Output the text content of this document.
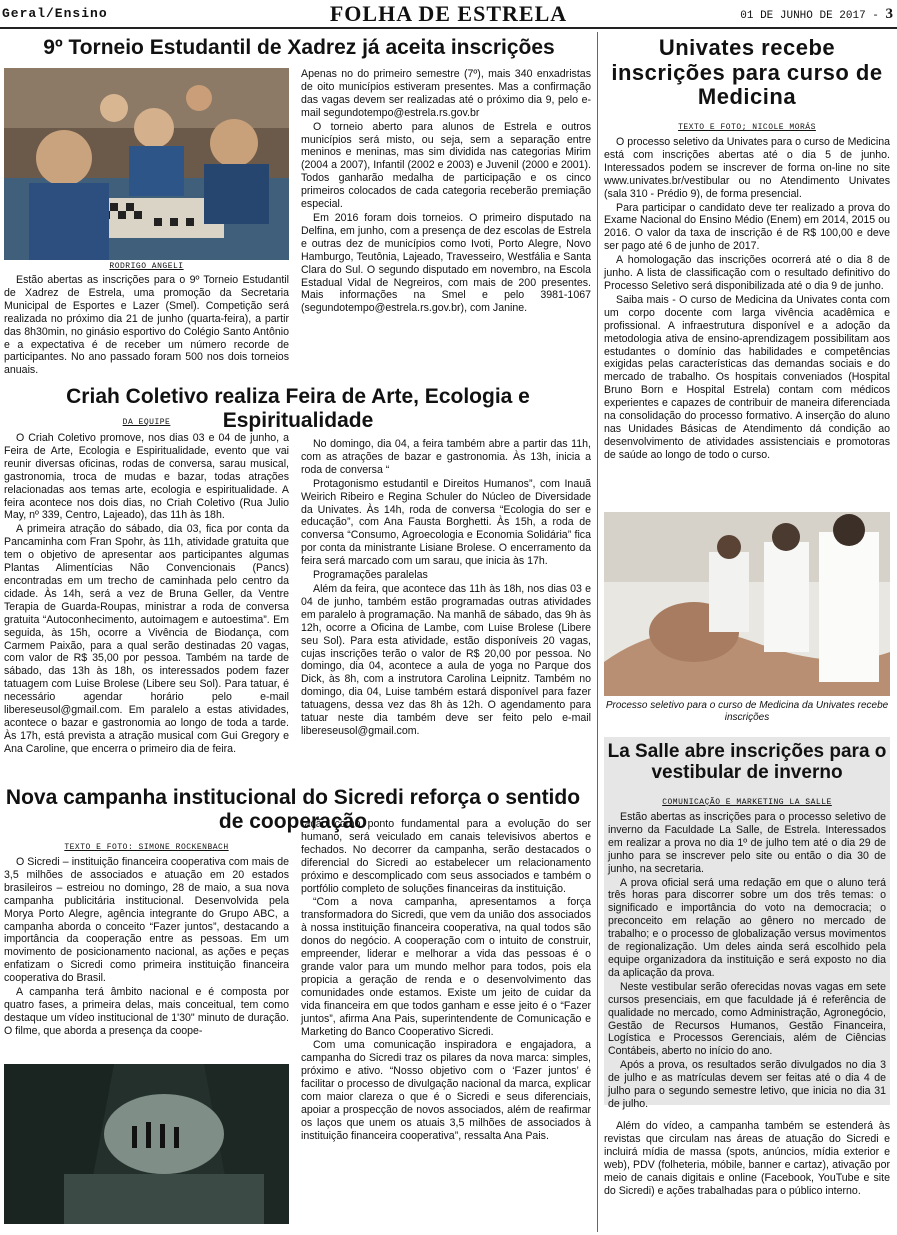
Geral/Ensino	FOLHA DE ESTRELA	01 DE JUNHO DE 2017 - 3
9º Torneio Estudantil de Xadrez já aceita inscrições
RODRIGO ANGELI

Estão abertas as inscrições para o 9º Torneio Estudantil de Xadrez de Estrela, uma promoção da Secretaria Municipal de Esportes e Lazer (Smel). Competição será realizada no próximo dia 21 de junho (quarta-feira), a partir das 8h30min, no ginásio esportivo do Colégio Santo Antônio e a expectativa é de receber um número recorde de participantes. No ano passado foram 500 nos dois torneios anuais.

Apenas no do primeiro semestre (7º), mais 340 enxadristas de oito municípios estiveram presentes. Mas a confirmação das vagas devem ser realizadas até o próximo dia 9, pelo e-mail segundotempo@estrela.rs.gov.br

O torneio aberto para alunos de Estrela e outros municípios será misto, ou seja, sem a separação entre meninos e meninas, mas sim dividida nas categorias Mirim (2004 a 2007), Infantil (2002 e 2003) e Juvenil (2000 e 2001). Todos ganharão medalha de participação e os cinco primeiros colocados de cada categoria receberão premiação especial.

Em 2016 foram dois torneios. O primeiro disputado na Delfina, em junho, com a presença de dez escolas de Estrela e outras dez de municípios como Ivoti, Porto Alegre, Novo Hamburgo, Teutônia, Lajeado, Travesseiro, Westfália e Santa Clara do Sul. O segundo disputado em novembro, na Escola Estadual Vidal de Negreiros, com mais de 200 presentes. Mais informações na Smel e pelo 3981-1067 (segundotempo@estrela.rs.gov.br), com Janine.

Criah Coletivo realiza Feira de Arte, Ecologia e Espiritualidade
DA EQUIPE

O Criah Coletivo promove, nos dias 03 e 04 de junho, a Feira de Arte, Ecologia e Espiritualidade, evento que vai reunir diversas oficinas, rodas de conversa, sarau musical, gastronomia, troca de mudas e bazar, todas atrações relacionadas aos temas arte, ecologia e espiritualidade. A feira acontece nos dois dias, no Criah Coletivo (Rua Julio May, nº 339, Centro, Lajeado), das 11h às 18h.

A primeira atração do sábado, dia 03, fica por conta da Pancaminha com Fran Spohr, às 11h, atividade gratuita que tem o objetivo de apresentar aos participantes algumas Plantas Alimentícias Não Convencionais (Pancs) encontradas em um trecho de caminhada pelo centro da cidade. Às 14h, será a vez de Bruna Geller, da Ventre Terapia de Guarda-Roupas, ministrar a roda de conversa gratuita “Autoconhecimento, autoimagem e autoestima”. Em seguida, às 15h, ocorre a Vivência de Biodança, com Carmem Paixão, para a qual serão destinadas 20 vagas, com valor de R$ 35,00 por pessoa. Também na tarde de sábado, das 13h às 18h, os interessados podem fazer tatuagem com Luise Brolese (Libere seu Sol). Para tatuar, é necessário agendar horário pelo e-mail libereseusol@gmail.com. Em paralelo a estas atividades, acontece o bazar e gastronomia ao longo de toda a tarde. Às 17h, está prevista a atração musical com Gui Gregory e Ana Caroline, que encerra o primeiro dia de feira.

No domingo, dia 04, a feira também abre a partir das 11h, com as atrações de bazar e gastronomia. Às 13h, inicia a roda de conversa “

Protagonismo estudantil e Direitos Humanos”, com Inauã Weirich Ribeiro e Regina Schuler do Núcleo de Diversidade da Univates. Às 14h, roda de conversa “Ecologia do ser e educação”, com Ana Fausta Borghetti. Às 15h, a roda de conversa “Consumo, Agroecologia e Economia Solidária” fica por conta da ministrante Lisiane Brolese. O encerramento da feira será marcado com um sarau, que inicia às 17h.

Programações paralelas

Além da feira, que acontece das 11h às 18h, nos dias 03 e 04 de junho, também estão programadas outras atividades em paralelo à programação. Na manhã de sábado, das 9h às 12h, ocorre a Oficina de Lambe, com Luise Brolese (Libere seu Sol). Para esta atividade, estão disponíveis 20 vagas, cujas inscrições terão o valor de R$ 20,00 por pessoa. No domingo, dia 04, acontece a aula de yoga no Parque dos Dick, às 8h, com a instrutora Carolina Leipnitz. Também no domingo, dia 04, Luise também estará disponível para fazer tatuagens, dessa vez das 8h às 12h. O agendamento para tatuar neste dia também deve ser feito pelo e-mail libereseusol@gmail.com.

Nova campanha institucional do Sicredi reforça o sentido de cooperação
TEXTO E FOTO: SIMONE ROCKENBACH

O Sicredi – instituição financeira cooperativa com mais de 3,5 milhões de associados e atuação em 20 estados brasileiros – estreiou no domingo, 28 de maio, a sua nova campanha publicitária institucional. Desenvolvida pela Morya Porto Alegre, agência integrante do Grupo ABC, a campanha aborda o conceito “Fazer juntos”, destacando a importância da cooperação entre as pessoas. Em um movimento de posicionamento nacional, as ações e peças enfatizam o Sicredi como primeira instituição financeira cooperativa do Brasil.

A campanha terá âmbito nacional e é composta por quatro fases, a primeira delas, mais conceitual, tem como destaque um vídeo institucional de 1'30" minuto de duração. O filme, que aborda a presença da coope-

ração como ponto fundamental para a evolução do ser humano, será veiculado em canais televisivos abertos e fechados. No decorrer da campanha, serão destacados o diferencial do Sicredi ao estabelecer um relacionamento próximo e descomplicado com seus associados e também o portfólio completo de soluções financeiras da instituição.

“Com a nova campanha, apresentamos a força transformadora do Sicredi, que vem da união dos associados à nossa instituição financeira cooperativa, na qual todos são donos do negócio. A cooperação com o intuito de construir, empreender, liderar e melhorar a vida das pessoas é o grande valor para um mundo melhor para todos, pois ela propicia a geração de renda e o desenvolvimento das comunidades onde estamos. Existe um jeito de cuidar da vida financeira em que todos ganham e esse jeito é o “Fazer juntos”, afirma Ana Pais, superintendente de Comunicação e Marketing do Banco Cooperativo Sicredi.

Com uma comunicação inspiradora e engajadora, a campanha do Sicredi traz os pilares da nova marca: simples, próximo e ativo. “Nosso objetivo com o ‘Fazer juntos’ é facilitar o processo de divulgação nacional da marca, explicar com maior clareza o que é o Sicredi e seus diferenciais, apoiar a prospecção de novos associados, além de reafirmar os laços que unem os atuais 3,5 milhões de associados à instituição financeira cooperativa”, ressalta Ana Pais.

Além do vídeo, a campanha também se estenderá às revistas que circulam nas áreas de atuação do Sicredi e incluirá mídia de massa (spots, anúncios, mídia exterior e web), PDV (folheteria, móbile, banner e cartaz), ativação por meio de canais digitais e online (Facebook, YouTube e site do Sicredi) e ações trabalhadas para o público interno.

Univates recebe inscrições para curso de Medicina
TEXTO E FOTO; NICOLE MORÁS

O processo seletivo da Univates para o curso de Medicina está com inscrições abertas até o dia 5 de junho. Interessados podem se inscrever de forma on-line no site www.univates.br/vestibular ou no Atendimento Univates (sala 310 - Prédio 9), de forma presencial.

Para participar o candidato deve ter realizado a prova do Exame Nacional do Ensino Médio (Enem) em 2014, 2015 ou 2016. O valor da taxa de inscrição é de R$ 100,00 e deve ser pago até 6 de junho de 2017.

A homologação das inscrições ocorrerá até o dia 8 de junho. A lista de classificação com o resultado definitivo do Processo Seletivo será disponibilizada até o dia 9 de junho.

Saiba mais - O curso de Medicina da Univates conta com um corpo docente com larga vivência acadêmica e profissional. A infraestrutura disponível e a adoção da metodologia ativa de ensino-aprendizagem possibilitam aos estudantes o domínio das habilidades e competências exigidas pelas características das demandas sociais e do mercado de trabalho. Os hospitais conveniados (Hospital Bruno Born e Hospital Estrela) contam com médicos experientes e capazes de contribuir de maneira diferenciada na consolidação do processo formativo. A inserção do aluno nas Unidades Básicas de Atendimento dá condição ao desenvolvimento de atividades assistenciais e promotoras de saúde ao longo de todo o curso.

Processo seletivo para o curso de Medicina da Univates recebe inscrições
La Salle abre inscrições para o vestibular de inverno
COMUNICAÇÃO E MARKETING LA SALLE

Estão abertas as inscrições para o processo seletivo de inverno da Faculdade La Salle, de Estrela. Interessados em realizar a prova no dia 1º de julho tem até o dia 29 de junho para se inscrever pelo site ou então o dia 30 de junho, na secretaria.

A prova oficial será uma redação em que o aluno terá três horas para discorrer sobre um dos três temas: o significado e importância do voto na democracia; o preconceito em relação ao gênero no mercado de trabalho; e o processo de globalização versus movimentos de regionalização. Um deles ainda será escolhido pela equipe organizadora da instituição e será exposto no dia da aplicação da prova.

Neste vestibular serão oferecidas novas vagas em sete cursos presenciais, em que faculdade já é referência de qualidade no mercado, como Administração, Agronegócio, Gestão de Recursos Humanos, Gestão Financeira, Logística e Processos Gerenciais, além de Ciências Contábeis, aberto no início do ano.

Após a prova, os resultados serão divulgados no dia 3 de julho e as matrículas devem ser feitas até o dia 4 de julho para o segundo semestre letivo, que inicia no dia 31 de julho.
